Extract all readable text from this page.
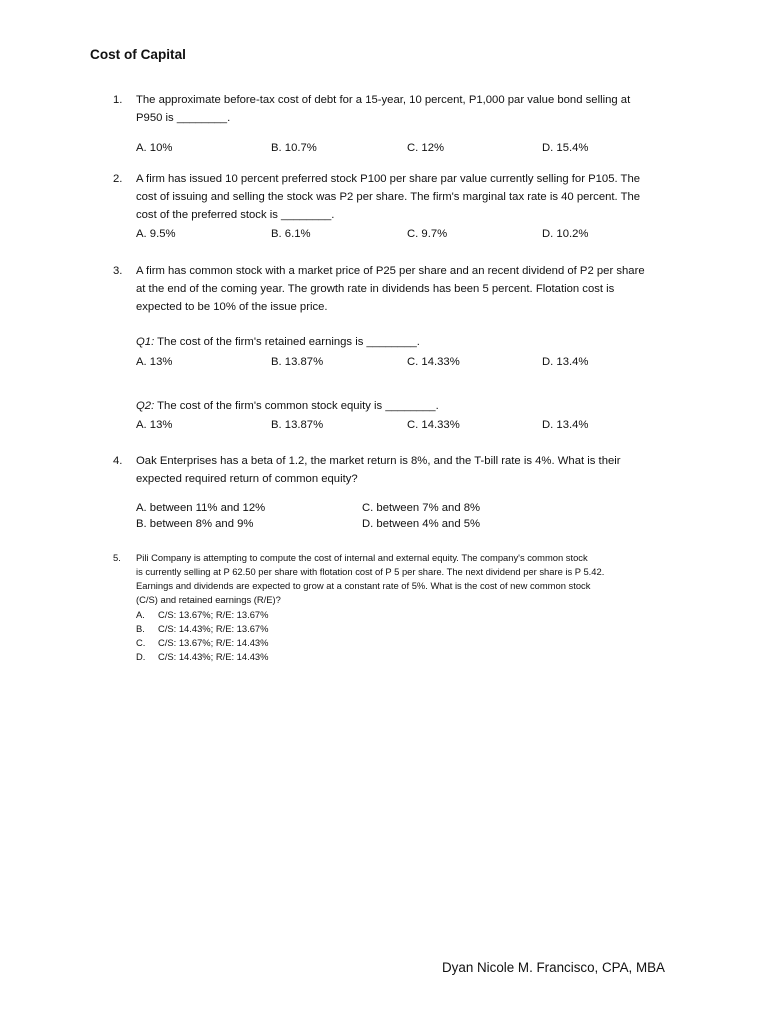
Cost of Capital
1. The approximate before-tax cost of debt for a 15-year, 10 percent, P1,000 par value bond selling at
P950 is ________.
A. 10%	B. 10.7%	C. 12%	D. 15.4%
2. A firm has issued 10 percent preferred stock P100 per share par value currently selling for P105. The
cost of issuing and selling the stock was P2 per share. The firm's marginal tax rate is 40 percent. The
cost of the preferred stock is ________.
A. 9.5%	B. 6.1%	C. 9.7%	D. 10.2%
3. A firm has common stock with a market price of P25 per share and an recent dividend of P2 per share
at the end of the coming year. The growth rate in dividends has been 5 percent. Flotation cost is
expected to be 10% of the issue price.
Q1: The cost of the firm's retained earnings is ________.
A. 13%	B. 13.87%	C. 14.33%	D. 13.4%
Q2: The cost of the firm's common stock equity is ________.
A. 13%	B. 13.87%	C. 14.33%	D. 13.4%
4. Oak Enterprises has a beta of 1.2, the market return is 8%, and the T-bill rate is 4%. What is their
expected required return of common equity?
A. between 11% and 12%	C. between 7% and 8%
B. between 8% and 9%	D. between 4% and 5%
5. Pili Company is attempting to compute the cost of internal and external equity. The company's common stock
is currently selling at P 62.50 per share with flotation cost of P 5 per share. The next dividend per share is P 5.42.
Earnings and dividends are expected to grow at a constant rate of 5%. What is the cost of new common stock
(C/S) and retained earnings (R/E)?
A. C/S: 13.67%; R/E: 13.67%
B. C/S: 14.43%; R/E: 13.67%
C. C/S: 13.67%; R/E: 14.43%
D. C/S: 14.43%; R/E: 14.43%
Dyan Nicole M. Francisco, CPA, MBA
